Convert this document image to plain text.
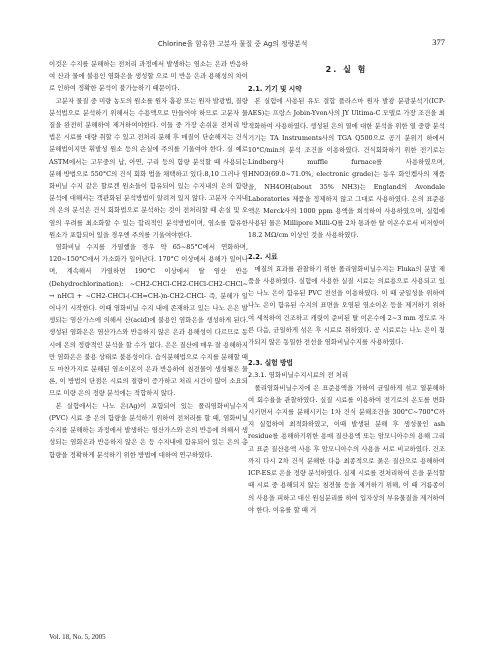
Chlorine을 함유한 고분자 물질 중 Ag의 정량분석	377

이것은 수지를 분해하는 전처리 과정에서 발생하는 염소는 은과 반응하여 산과 물에 불용인 염화은을 생성할 으로 미 반응 은과 용해성의 차이로 인하여 정확한 분석이 불가능하기 때문이다.

고분자 물질 중 미량 농도의 원소를 원자 흡광 또는 원자 발광법, 질량분석법으로 분석하기 위해서는 수용액으로 만들어야 하므로 고분자 물질을 완전히 분해하여 제거하여야한다. 이들 중 가장 손쉬운 전처리 방법은 시료를 대량 취할 수 있고 전처리 분해 후 매질이 단순해지는 건식분해법이지만 휘발성 원소 등의 손실에 주의를 기울여야 한다. 실 예로 ASTM에서는 고무중의 납, 아연, 구리 등의 함량 분석할 때 사용되는 분해 방법으로 550°C의 건식 회화 법을 채택하고 있다.8,10 그러나 염화비닐 수지 같은 할로겐 원소들이 함유되어 있는 수지내의 은의 함량 분석에 대해서는 객관화된 분석방법이 알려져 있지 않다. 고분자 수지내의 은의 분석은 건식 회화법으로 분석하는 것이 전처리할 때 손실 및 오염의 우려를 최소화할 수 있는 합리적인 분석방법이며, 염소를 함유한 원소가 포함되어 있을 경우엔 주의를 기울여야한다.

염화비닐 수지를 가열했을 경우 약 65~85°C에서 연화하며, 120~150°C에서 가소화가 일어난다. 170°C 이상에서 용해가 일어나며, 계속해서 가열하면 190°C 이상에서 탈 염산 반응(Dehydrochlorination): ~CH2-CHCl-CH2-CHCl-CH2-CHCl~ → nHCl + ~CH2-CHCl-(-CH=CH-)n-CH2-CHCl- 즉, 분해가 일어나기 시작한다. 이때 염화비닐 수지 내에 존재하고 있는 나노 은은 발생되는 염산가스에 의해서 산(acid)에 불용인 염화은을 생성하게 된다. 생성된 염화은은 염산가스와 반응하지 않은 은과 용해성이 다르므로 동시에 은의 정량적인 분석을 할 수가 없다. 은은 질산에 매우 잘 용해하지만 염화은은 불용 상태로 불용성이다. 습식분해법으로 수지를 분해할 때도 마찬가지로 분해된 염소이온이 은과 반응하여 침전물이 생성될은 물론, 이 방법의 단점은 시료의 절량이 증가하고 처리 시간이 많이 소요되므로 미량 은의 정량 분석에는 적합하지 않다.

본 실험에서는 나노 은(Ag)이 포함되어 있는 폴리염화비닐수지(PVC) 시료 중 은의 함량을 분석하기 위하여 전처리를 할 때, 염화비닐수지를 분해하는 과정에서 발생하는 염산가스와 은의 반응에 의해서 생성되는 염화은과 반응하지 않은 은 등 수지내에 함유되어 있는 은의 총 함량을 정확하게 분석하기 위한 방법에 대하여 연구하였다.

2. 실 험
2.1. 기기 및 시약

본 실험에 사용된 유도 결합 플라스마 원자 발광 분광분석기(ICP-AES)는 프랑스 Jobin-Yvon사의 JY Ultima-C 모델로 가장 조건을 최적화하여 사용하였다. 생성된 은의 열에 대한 분석을 위한 열 중량 분석기기는 TA Instruments사의 TGA Q500으로 공기 분위기 하에서 10°C/min의 분석 조건을 이용하였다. 건식회화하기 위한 전기로는 Lindberg사 muffle furnace를 사용하였으며, HNO3(69.0~71.0%, electronic grade)는 동우 화인켐사의 제품을, NH4OH(about 35% NH3)는 England의 Avondale Laboratories 제품을 정제하지 않고 그대로 사용하였다. 은의 표준용액은 Merck사의 1000 ppm 용액을 희석하여 사용하였으며, 실험에 사용된 물은 Millipore Milli-Q를 2차 통과한 탈 이온수로서 비저항이 18.2 MΩ/cm 이상인 것을 사용하였다.

2.2. 시료

매질의 효과를 관찰하기 위한 폴리염화비닐수지는 Fluka의 분말 제품을 사용하였다. 실험에 사용한 실질 시료는 의료용으로 사용되고 있는 나노 은이 함유된 PVC 전선을 이용하였다. 이 때 균일성을 위하여 나노 은이 함유된 수지의 표면을 오염된 염소이온 등을 제거하기 위하여 세척하여 건조하고 캐릿이 준비된 탈 이온수에 2~3 mm 정도로 자른 다음, 균일하게 섞은 후 시료로 취하였다. 공 시료로는 나노 은이 첨가되지 않은 동일한 전선을 염화비닐수지를 사용하였다.

2.3. 실험 방법
2.3.1. 염화비닐수지시료의 전 처리

폴리염화비닐수지에 은 표준용액을 가하여 균일하게 섞고 열분해하여 회수율을 관찰하였다. 실질 시료를 이용하여 전기로의 온도를 변화시키면서 수지를 분해시키는 1차 건식 분해조건을 300°C~700°C까지 실험하여 최적화하였고, 이때 발생된 분해 후 생성물인 ash residue를 용해하기위한 용매 질산용액 또는 암모니아수의 용해 그리고 표준 질산용액 사용 후 암모니아수의 사용을 서로 비교하였다. 건조까지 다시 2차 건식 분해한 다음 최종적으로 묽은 질산으로 용해하여 ICP-ES로 은을 정량 분석하였다. 실제 시료를 전처리하여 은을 분석할 때 시료 중 용해되지 않는 침전물 등을 제거하기 위해, 이 때 거름종이의 사용을 피하고 대신 원심분리를 하여 입자상의 부유물질을 제거하여야 한다. 이유를 할 때 거

Vol. 18, No. 5, 2005
